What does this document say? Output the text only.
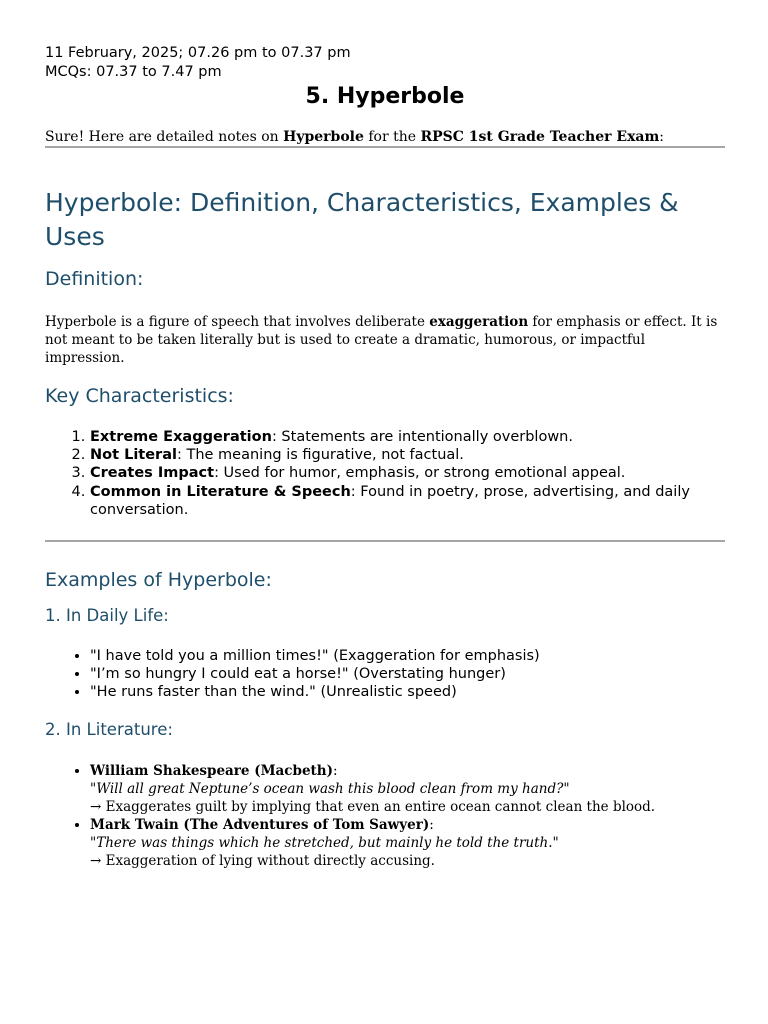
11 February, 2025; 07.26 pm to 07.37 pm

MCQs: 07.37 to 7.47 pm

5. Hyperbole

Sure! Here are detailed notes on Hyperbole for the RPSC 1st Grade Teacher Exam:

Hyperbole: Definition, Characteristics, Examples & Uses
Definition:

Hyperbole is a figure of speech that involves deliberate exaggeration for emphasis or effect. It is not meant to be taken literally but is used to create a dramatic, humorous, or impactful impression.

Key Characteristics:
1. Extreme Exaggeration: Statements are intentionally overblown.
2. Not Literal: The meaning is figurative, not factual.
3. Creates Impact: Used for humor, emphasis, or strong emotional appeal.
4. Common in Literature & Speech: Found in poetry, prose, advertising, and daily conversation.
Examples of Hyperbole:
1. In Daily Life:
• "I have told you a million times!" (Exaggeration for emphasis)
• "I’m so hungry I could eat a horse!" (Overstating hunger)
• "He runs faster than the wind." (Unrealistic speed)
2. In Literature:
• William Shakespeare (Macbeth):
"Will all great Neptune’s ocean wash this blood clean from my hand?"
→ Exaggerates guilt by implying that even an entire ocean cannot clean the blood.
• Mark Twain (The Adventures of Tom Sawyer):
"There was things which he stretched, but mainly he told the truth."
→ Exaggeration of lying without directly accusing.
